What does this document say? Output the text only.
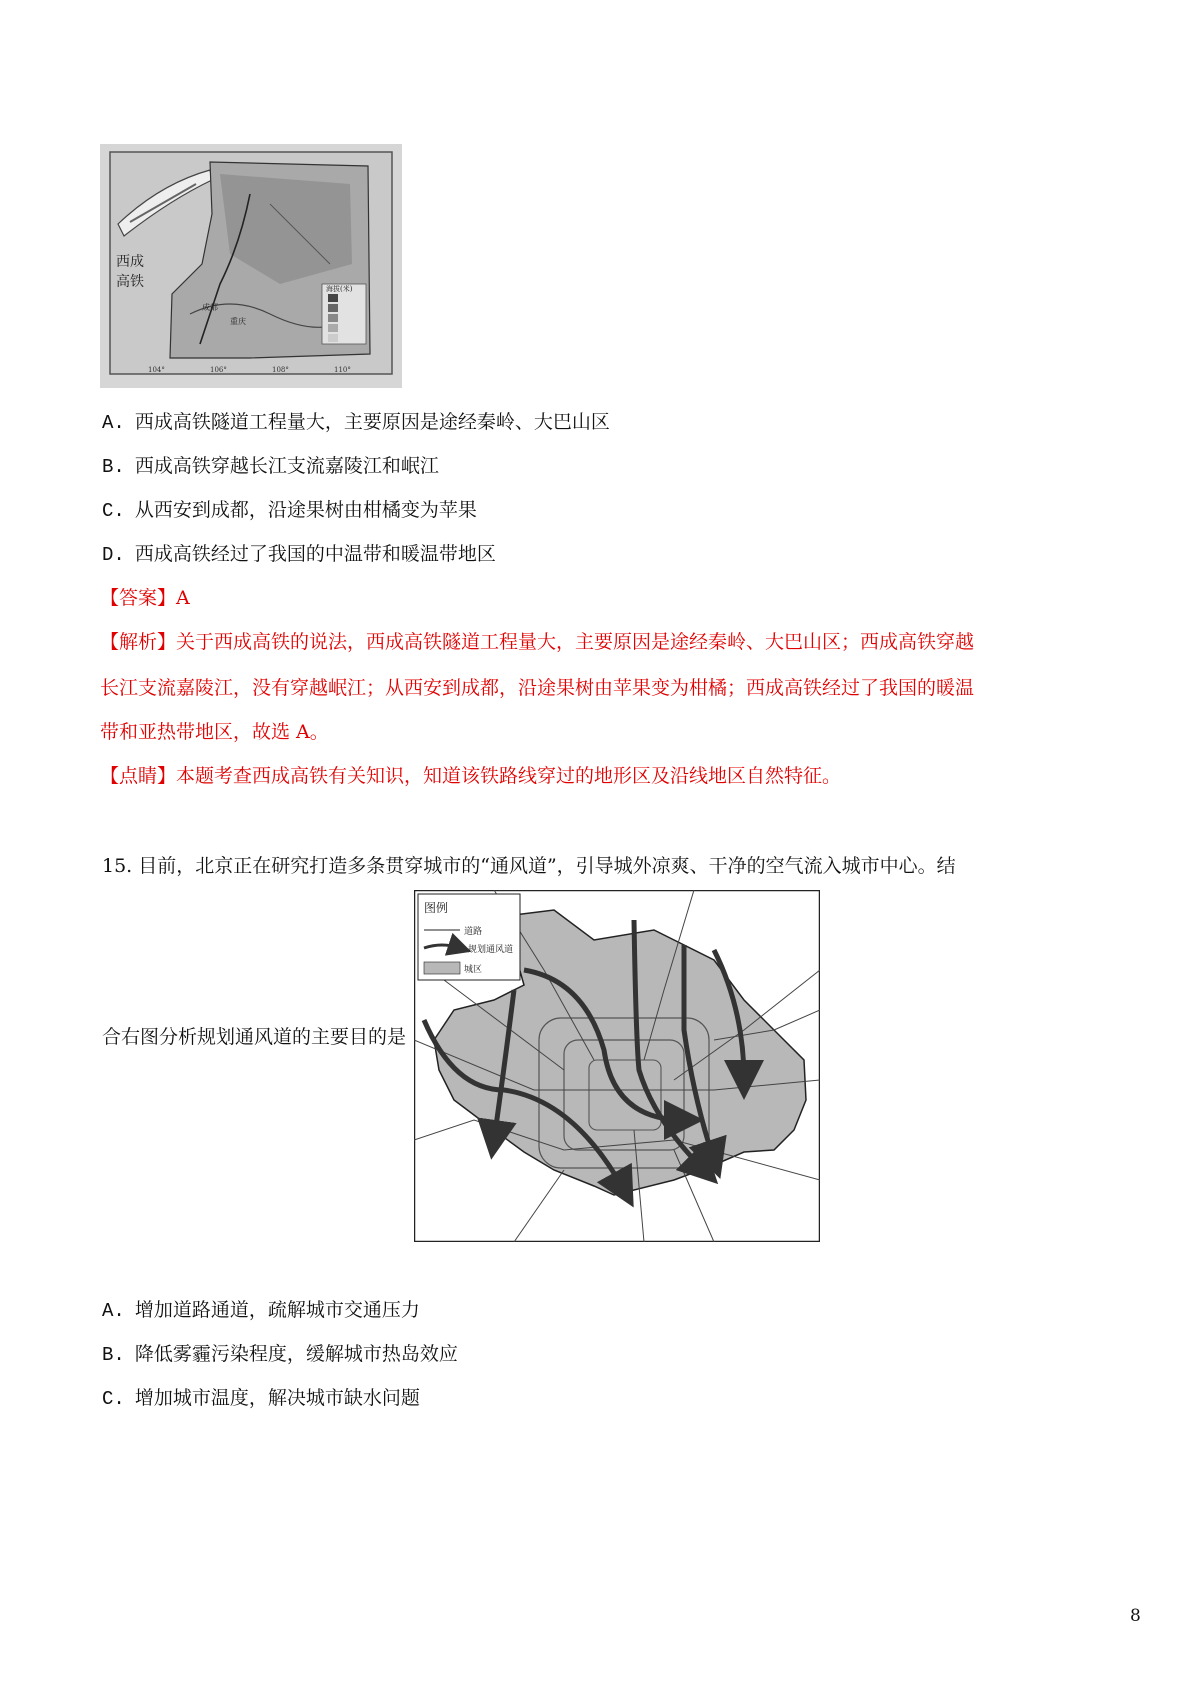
海拔(米)
西成
高铁
成都
重庆
104°	106°	108°	110°
A. 西成高铁隧道工程量大，主要原因是途经秦岭、大巴山区
B. 西成高铁穿越长江支流嘉陵江和岷江
C. 从西安到成都，沿途果树由柑橘变为苹果
D. 西成高铁经过了我国的中温带和暖温带地区
【答案】A
【解析】关于西成高铁的说法，西成高铁隧道工程量大，主要原因是途经秦岭、大巴山区；西成高铁穿越
长江支流嘉陵江，没有穿越岷江；从西安到成都，沿途果树由苹果变为柑橘；西成高铁经过了我国的暖温
带和亚热带地区，故选 A。
【点睛】本题考查西成高铁有关知识，知道该铁路线穿过的地形区及沿线地区自然特征。
15. 目前，北京正在研究打造多条贯穿城市的“通风道”，引导城外凉爽、干净的空气流入城市中心。结
合右图分析规划通风道的主要目的是
图例
道路
规划通风道
城区
A. 增加道路通道，疏解城市交通压力
B. 降低雾霾污染程度，缓解城市热岛效应
C. 增加城市温度，解决城市缺水问题
8
